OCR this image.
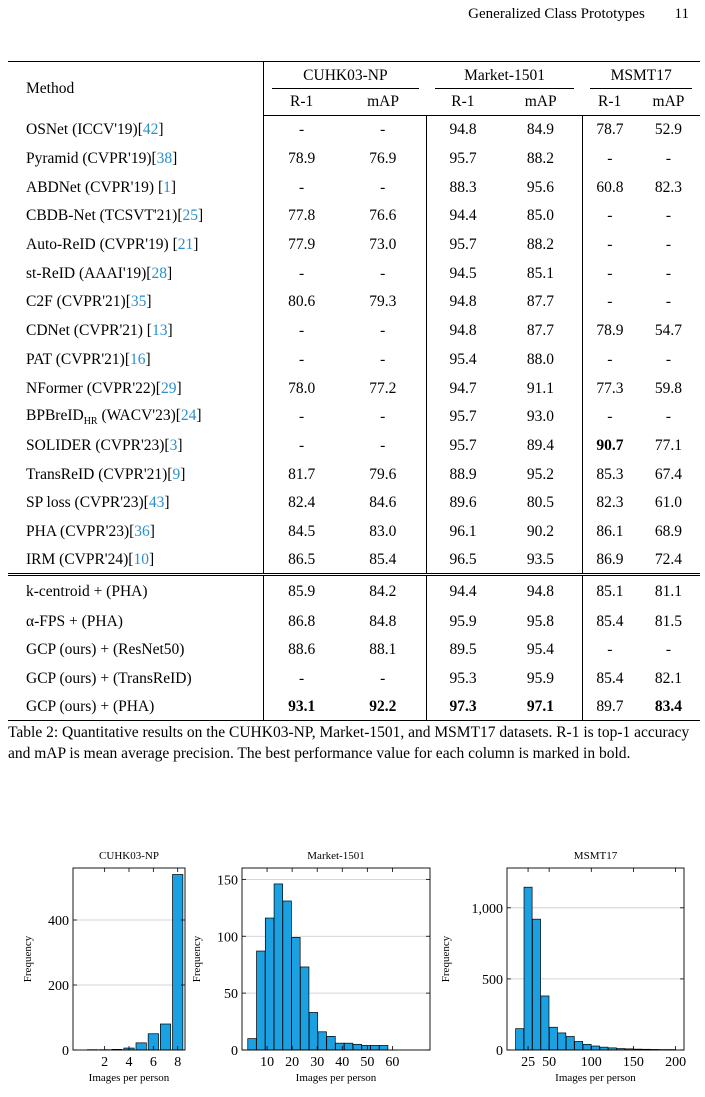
Generalized Class Prototypes 11
Method	CUHK03-NP		Market-1501		MSMT17	

	R-1	mAP	R-1	mAP	R-1	mAP
OSNet (ICCV'19)[42]	-	-	94.8	84.9	78.7	52.9
Pyramid (CVPR'19)[38]	78.9	76.9	95.7	88.2	-	-
ABDNet (CVPR'19) [1]	-	-	88.3	95.6	60.8	82.3
CBDB-Net (TCSVT'21)[25]	77.8	76.6	94.4	85.0	-	-
Auto-ReID (CVPR'19) [21]	77.9	73.0	95.7	88.2	-	-
st-ReID (AAAI'19)[28]	-	-	94.5	85.1	-	-
C2F (CVPR'21)[35]	80.6	79.3	94.8	87.7	-	-
CDNet (CVPR'21) [13]	-	-	94.8	87.7	78.9	54.7
PAT (CVPR'21)[16]	-	-	95.4	88.0	-	-
NFormer (CVPR'22)[29]	78.0	77.2	94.7	91.1	77.3	59.8
BPBreID$_{HR}$ (WACV'23)[24]	-	-	95.7	93.0	-	-
SOLIDER (CVPR'23)[3]	-	-	95.7	89.4	90.7	77.1
TransReID (CVPR'21)[9]	81.7	79.6	88.9	95.2	85.3	67.4
SP loss (CVPR'23)[43]	82.4	84.6	89.6	80.5	82.3	61.0
PHA (CVPR'23)[36]	84.5	83.0	96.1	90.2	86.1	68.9
IRM (CVPR'24)[10]	86.5	85.4	96.5	93.5	86.9	72.4
k-centroid + (PHA)	85.9	84.2	94.4	94.8	85.1	81.1
α-FPS + (PHA)	86.8	84.8	95.9	95.8	85.4	81.5
GCP (ours) + (ResNet50)	88.6	88.1	89.5	95.4	-	-
GCP (ours) + (TransReID)	-	-	95.3	95.9	85.4	82.1
GCP (ours) + (PHA)	93.1	92.2	97.3	97.1	89.7	83.4
Table 2: Quantitative results on the CUHK03-NP, Market-1501, and MSMT17 datasets. R-1 is top-1 accuracy and mAP is mean average precision. The best performance value for each column is marked in bold.
2 4 6 8
0
200
400
CUHK03-NP
Images per person
Frequency
10 20 30 40 50 60
0
50
100
150
Market-1501
Images per person
Frequency
25 50 100 150 200
0
500
1,000
MSMT17
Images per person
Frequency
